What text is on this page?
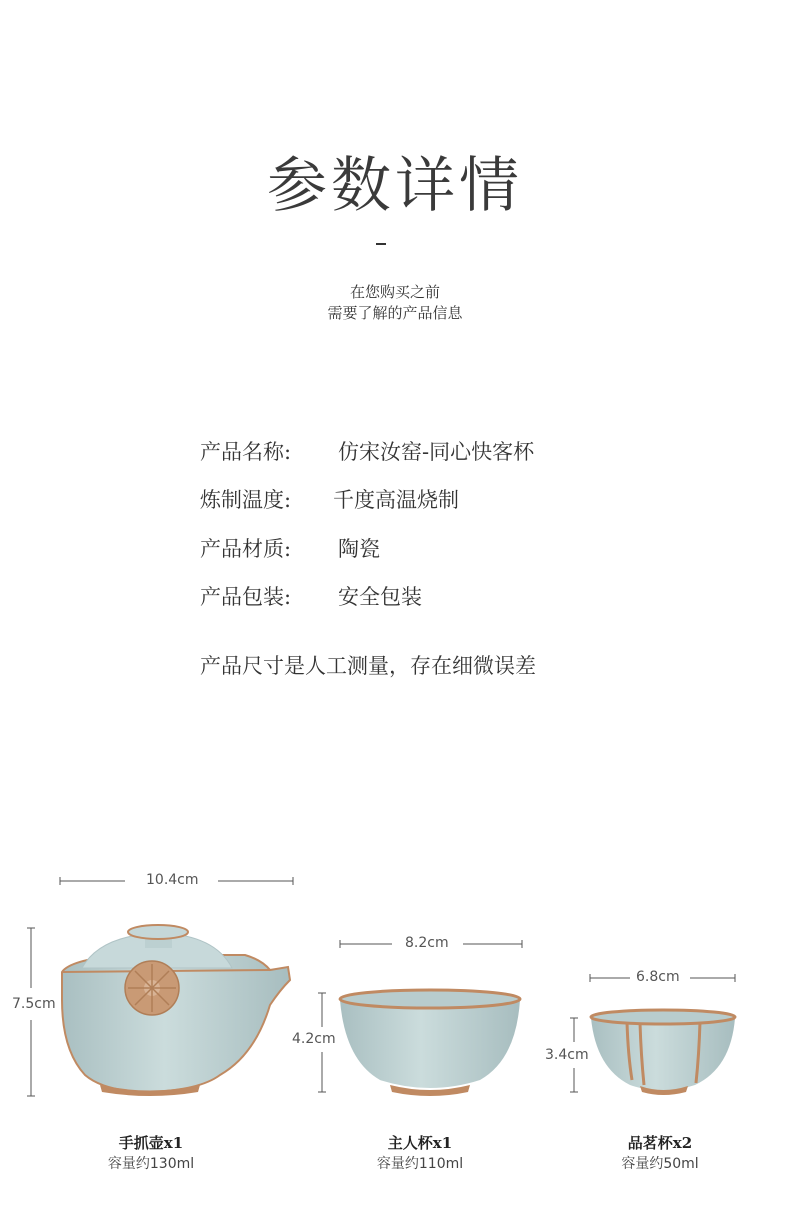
参数详情
在您购买之前
需要了解的产品信息
产品名称: 仿宋汝窑-同心快客杯
炼制温度: 千度高温烧制
产品材质: 陶瓷
产品包装: 安全包装
产品尺寸是人工测量，存在细微误差
10.4cm
7.5cm
8.2cm
4.2cm
6.8cm
3.4cm
手抓壶x1
容量约130ml
主人杯x1
容量约110ml
品茗杯x2
容量约50ml
